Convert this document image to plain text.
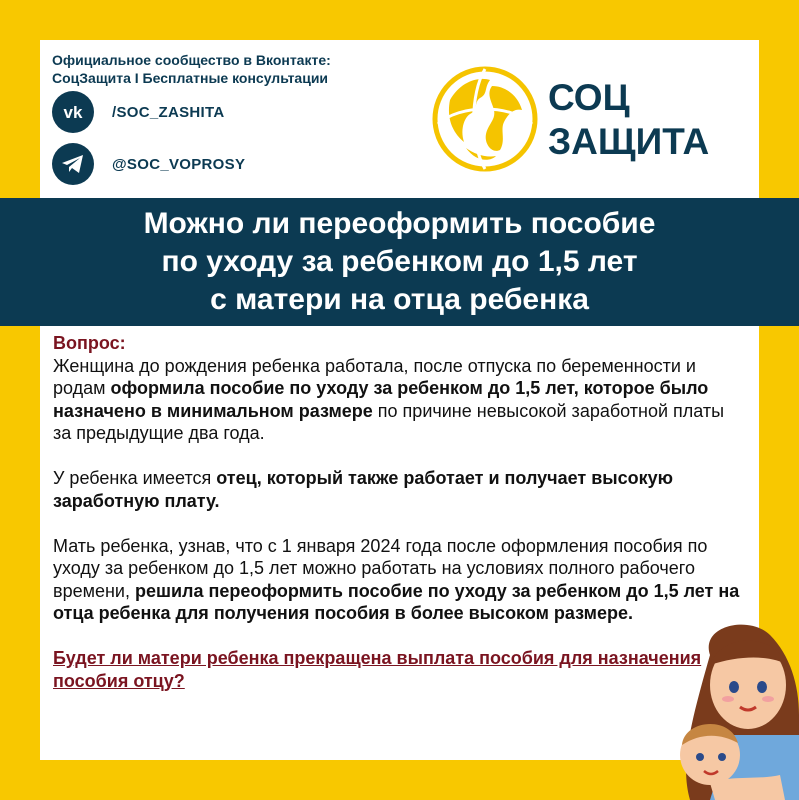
Официальное сообщество в Вконтакте:
СоцЗащита I Бесплатные консультации
vk /SOC_ZASHITA
@SOC_VOPROSY
СОЦ
ЗАЩИТА
Вопрос:

Женщина до рождения ребенка работала, после отпуска по беременности и родам оформила пособие по уходу за ребенком до 1,5 лет, которое было назначено в минимальном размере по причине невысокой заработной платы за предыдущие два года.

У ребенка имеется отец, который также работает и получает высокую заработную плату.

Мать ребенка, узнав, что с 1 января 2024 года после оформления пособия по уходу за ребенком до 1,5 лет можно работать на условиях полного рабочего времени, решила переоформить пособие по уходу за ребенком до 1,5 лет на отца ребенка для получения пособия в более высоком размере.

Будет ли матери ребенка прекращена выплата пособия для назначения пособия отцу?

Можно ли переоформить пособие
по уходу за ребенком до 1,5 лет
с матери на отца ребенка
